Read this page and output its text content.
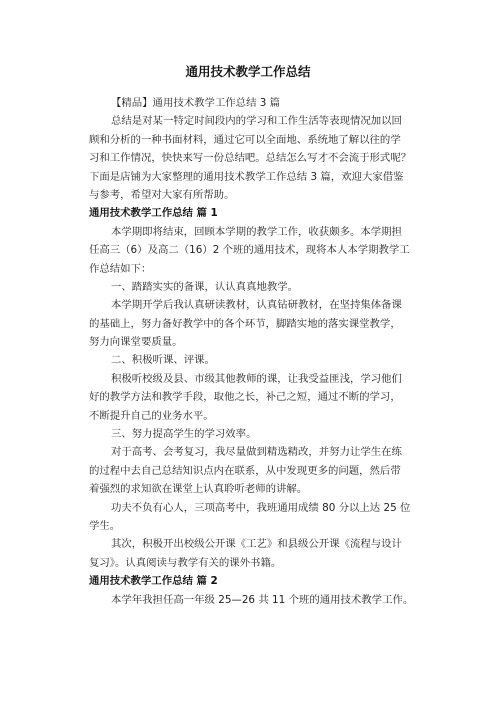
通用技术教学工作总结
【精品】通用技术教学工作总结 3 篇
总结是对某一特定时间段内的学习和工作生活等表现情况加以回
顾和分析的一种书面材料，通过它可以全面地、系统地了解以往的学
习和工作情况，快快来写一份总结吧。总结怎么写才不会流于形式呢？
下面是店铺为大家整理的通用技术教学工作总结 3 篇，欢迎大家借鉴
与参考，希望对大家有所帮助。
通用技术教学工作总结 篇 1
本学期即将结束，回顾本学期的教学工作，收获颇多。本学期担
任高三（6）及高二（16）2 个班的通用技术，现将本人本学期教学工
作总结如下：
一、踏踏实实的备课，认认真真地教学。
本学期开学后我认真研读教材，认真钻研教材，在坚持集体备课
的基础上，努力备好教学中的各个环节，脚踏实地的落实课堂教学，
努力向课堂要质量。
二、积极听课、评课。
积极听校级及县、市级其他教师的课，让我受益匪浅，学习他们
好的教学方法和教学手段，取他之长，补己之短，通过不断的学习，
不断提升自己的业务水平。
三、努力提高学生的学习效率。
对于高考、会考复习，我尽量做到精选精改，并努力让学生在练
的过程中去自己总结知识点内在联系，从中发现更多的问题，然后带
着强烈的求知欲在课堂上认真聆听老师的讲解。
功夫不负有心人，三项高考中，我班通用成绩 80 分以上达 25 位
学生。
其次，积极开出校级公开课《工艺》和县级公开课《流程与设计
复习》。认真阅读与教学有关的课外书籍。
通用技术教学工作总结 篇 2
本学年我担任高一年级 25—26 共 11 个班的通用技术教学工作。
